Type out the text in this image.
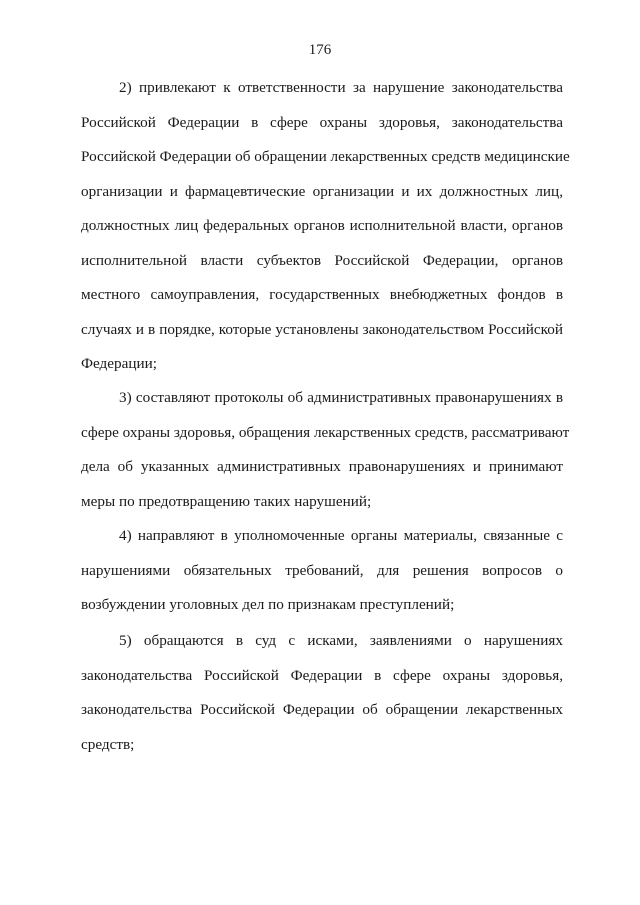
176
2) привлекают к ответственности за нарушение законодательства
Российской Федерации в сфере охраны здоровья, законодательства
Российской Федерации об обращении лекарственных средств медицинские
организации и фармацевтические организации и их должностных лиц,
должностных лиц федеральных органов исполнительной власти, органов
исполнительной власти субъектов Российской Федерации, органов
местного самоуправления, государственных внебюджетных фондов в
случаях и в порядке, которые установлены законодательством Российской
Федерации;
3) составляют протоколы об административных правонарушениях в
сфере охраны здоровья, обращения лекарственных средств, рассматривают
дела об указанных административных правонарушениях и принимают
меры по предотвращению таких нарушений;
4) направляют в уполномоченные органы материалы, связанные с
нарушениями обязательных требований, для решения вопросов о
возбуждении уголовных дел по признакам преступлений;
5) обращаются в суд с исками, заявлениями о нарушениях
законодательства Российской Федерации в сфере охраны здоровья,
законодательства Российской Федерации об обращении лекарственных
средств;
